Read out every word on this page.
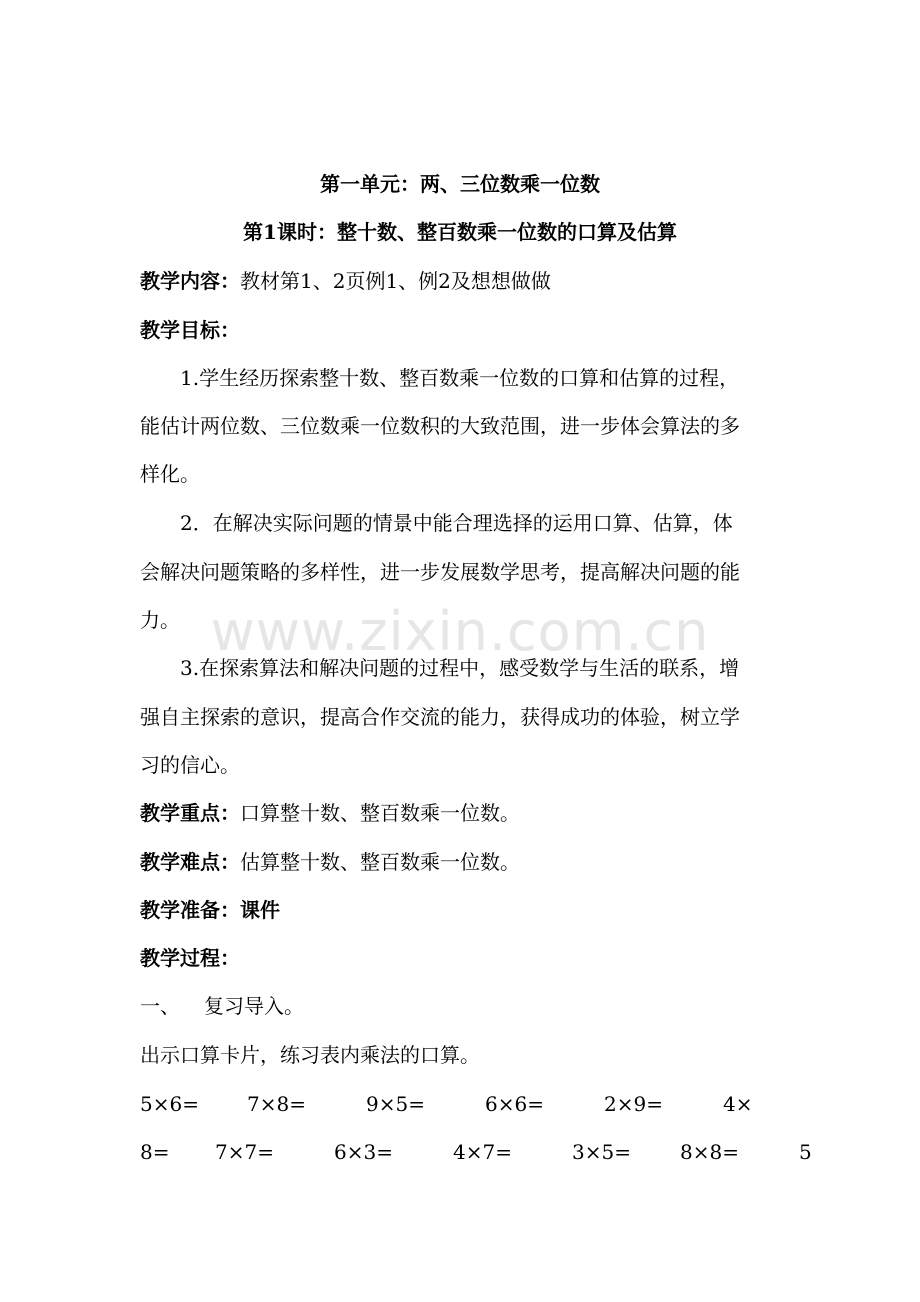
www.zixin.com.cn
第一单元：两、三位数乘一位数
第1课时：整十数、整百数乘一位数的口算及估算
教学内容：教材第1、2页例1、例2及想想做做
教学目标：
1.学生经历探索整十数、整百数乘一位数的口算和估算的过程，
能估计两位数、三位数乘一位数积的大致范围，进一步体会算法的多
样化。
2．在解决实际问题的情景中能合理选择的运用口算、估算，体
会解决问题策略的多样性，进一步发展数学思考，提高解决问题的能
力。
3.在探索算法和解决问题的过程中，感受数学与生活的联系，增
强自主探索的意识，提高合作交流的能力，获得成功的体验，树立学
习的信心。
教学重点：口算整十数、整百数乘一位数。
教学难点：估算整十数、整百数乘一位数。
教学准备：课件
教学过程：
一、 复习导入。
出示口算卡片，练习表内乘法的口算。
5×6= 7×8=	9×5=	6×6=	2×9=	4×
8= 7×7=	6×3=	4×7=	3×5= 8×8=	5
